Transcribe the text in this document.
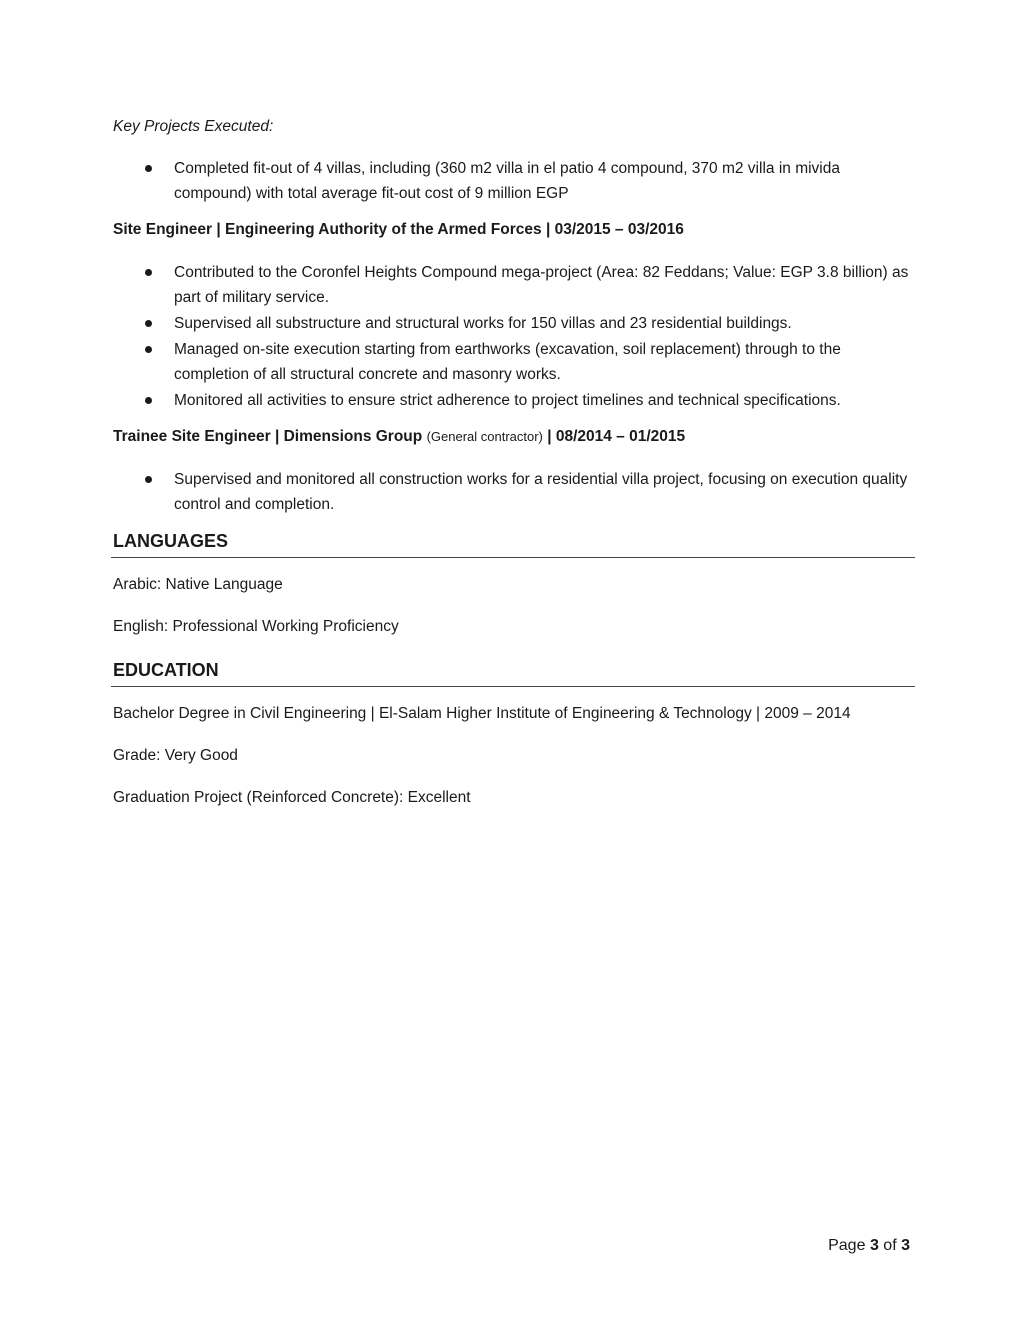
Key Projects Executed:

Completed fit-out of 4 villas, including (360 m2 villa in el patio 4 compound, 370 m2 villa in mivida compound) with total average fit-out cost of 9 million EGP

Site Engineer | Engineering Authority of the Armed Forces | 03/2015 – 03/2016

Contributed to the Coronfel Heights Compound mega-project (Area: 82 Feddans; Value: EGP 3.8 billion) as part of military service.
Supervised all substructure and structural works for 150 villas and 23 residential buildings.
Managed on-site execution starting from earthworks (excavation, soil replacement) through to the completion of all structural concrete and masonry works.
Monitored all activities to ensure strict adherence to project timelines and technical specifications.

Trainee Site Engineer | Dimensions Group (General contractor) | 08/2014 – 01/2015

Supervised and monitored all construction works for a residential villa project, focusing on execution quality control and completion.
LANGUAGES

Arabic: Native Language

English: Professional Working Proficiency

EDUCATION

Bachelor Degree in Civil Engineering | El-Salam Higher Institute of Engineering & Technology | 2009 – 2014

Grade: Very Good

Graduation Project (Reinforced Concrete): Excellent

Page 3 of 3
